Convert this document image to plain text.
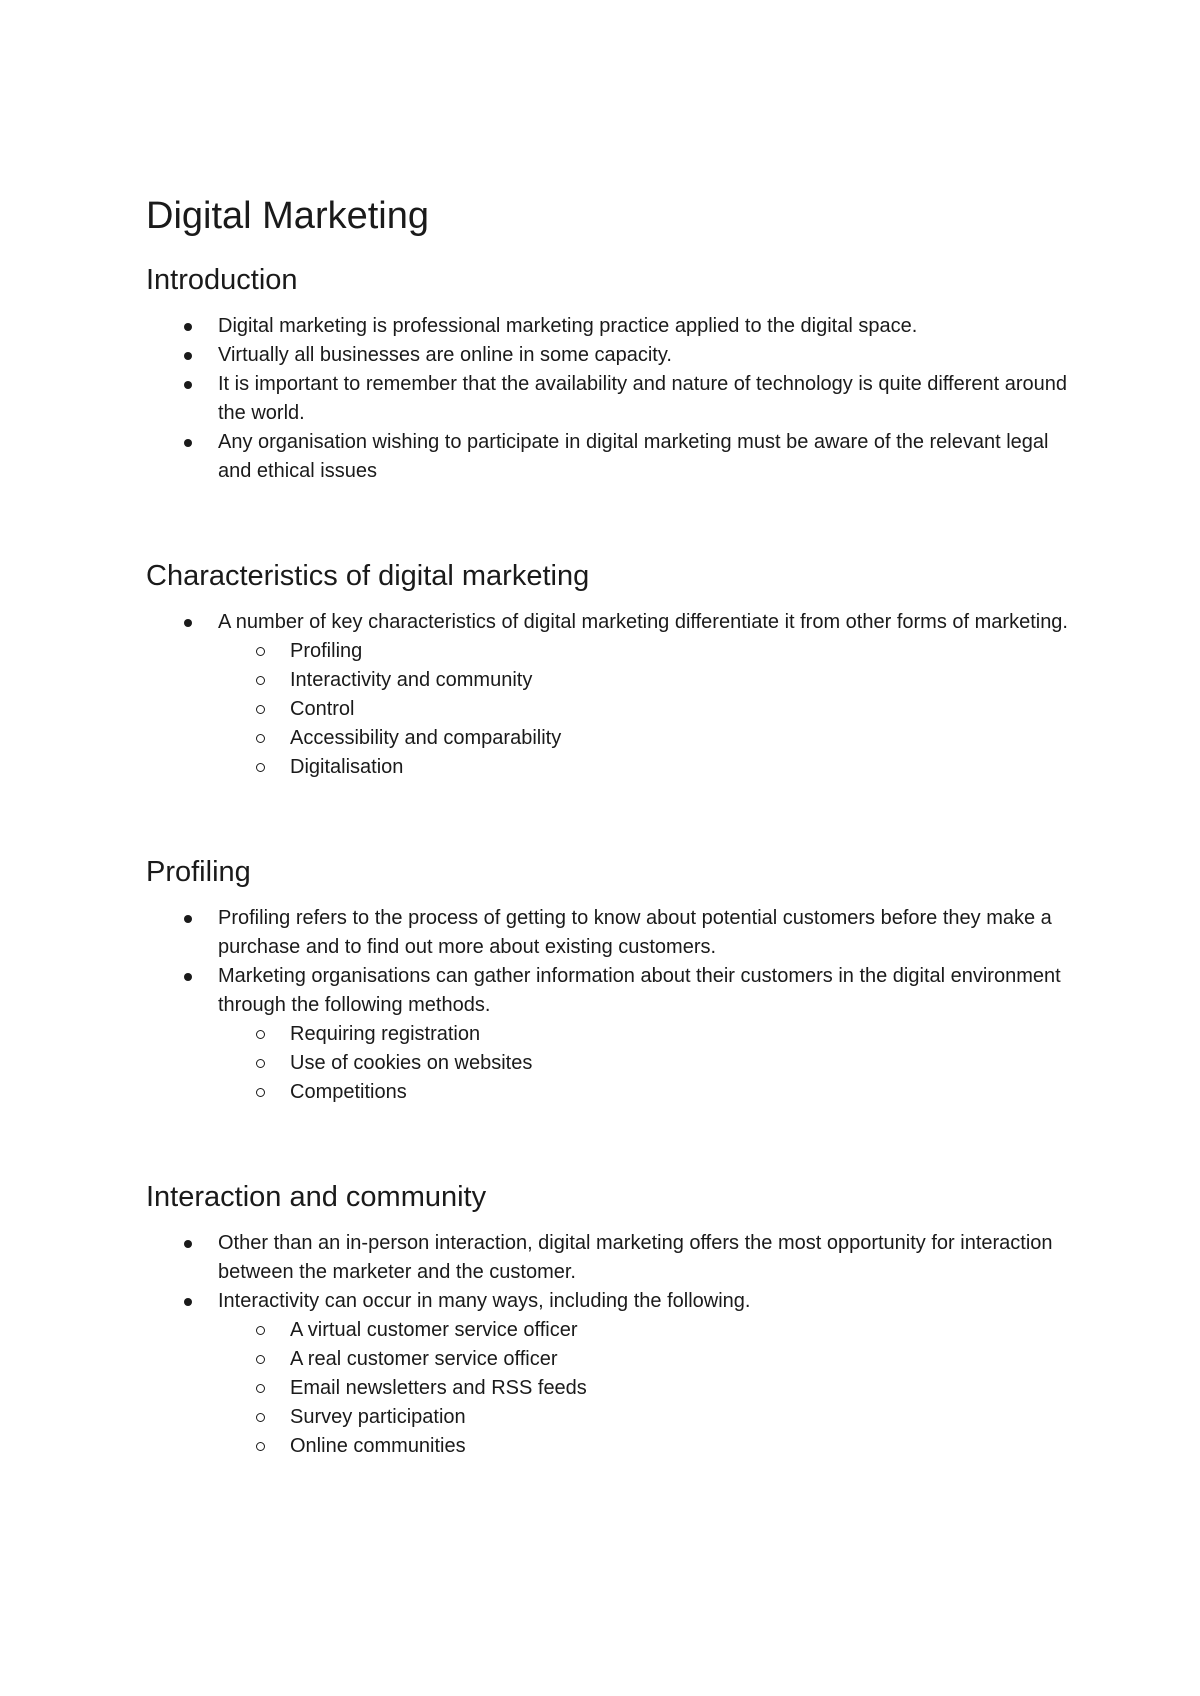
Digital Marketing
Introduction
Digital marketing is professional marketing practice applied to the digital space.
Virtually all businesses are online in some capacity.
It is important to remember that the availability and nature of technology is quite different around the world.
Any organisation wishing to participate in digital marketing must be aware of the relevant legal and ethical issues
Characteristics of digital marketing
A number of key characteristics of digital marketing differentiate it from other forms of marketing.
Profiling
Interactivity and community
Control
Accessibility and comparability
Digitalisation
Profiling
Profiling refers to the process of getting to know about potential customers before they make a purchase and to find out more about existing customers.
Marketing organisations can gather information about their customers in the digital environment through the following methods.
Requiring registration
Use of cookies on websites
Competitions
Interaction and community
Other than an in-person interaction, digital marketing offers the most opportunity for interaction between the marketer and the customer.
Interactivity can occur in many ways, including the following.
A virtual customer service officer
A real customer service officer
Email newsletters and RSS feeds
Survey participation
Online communities
